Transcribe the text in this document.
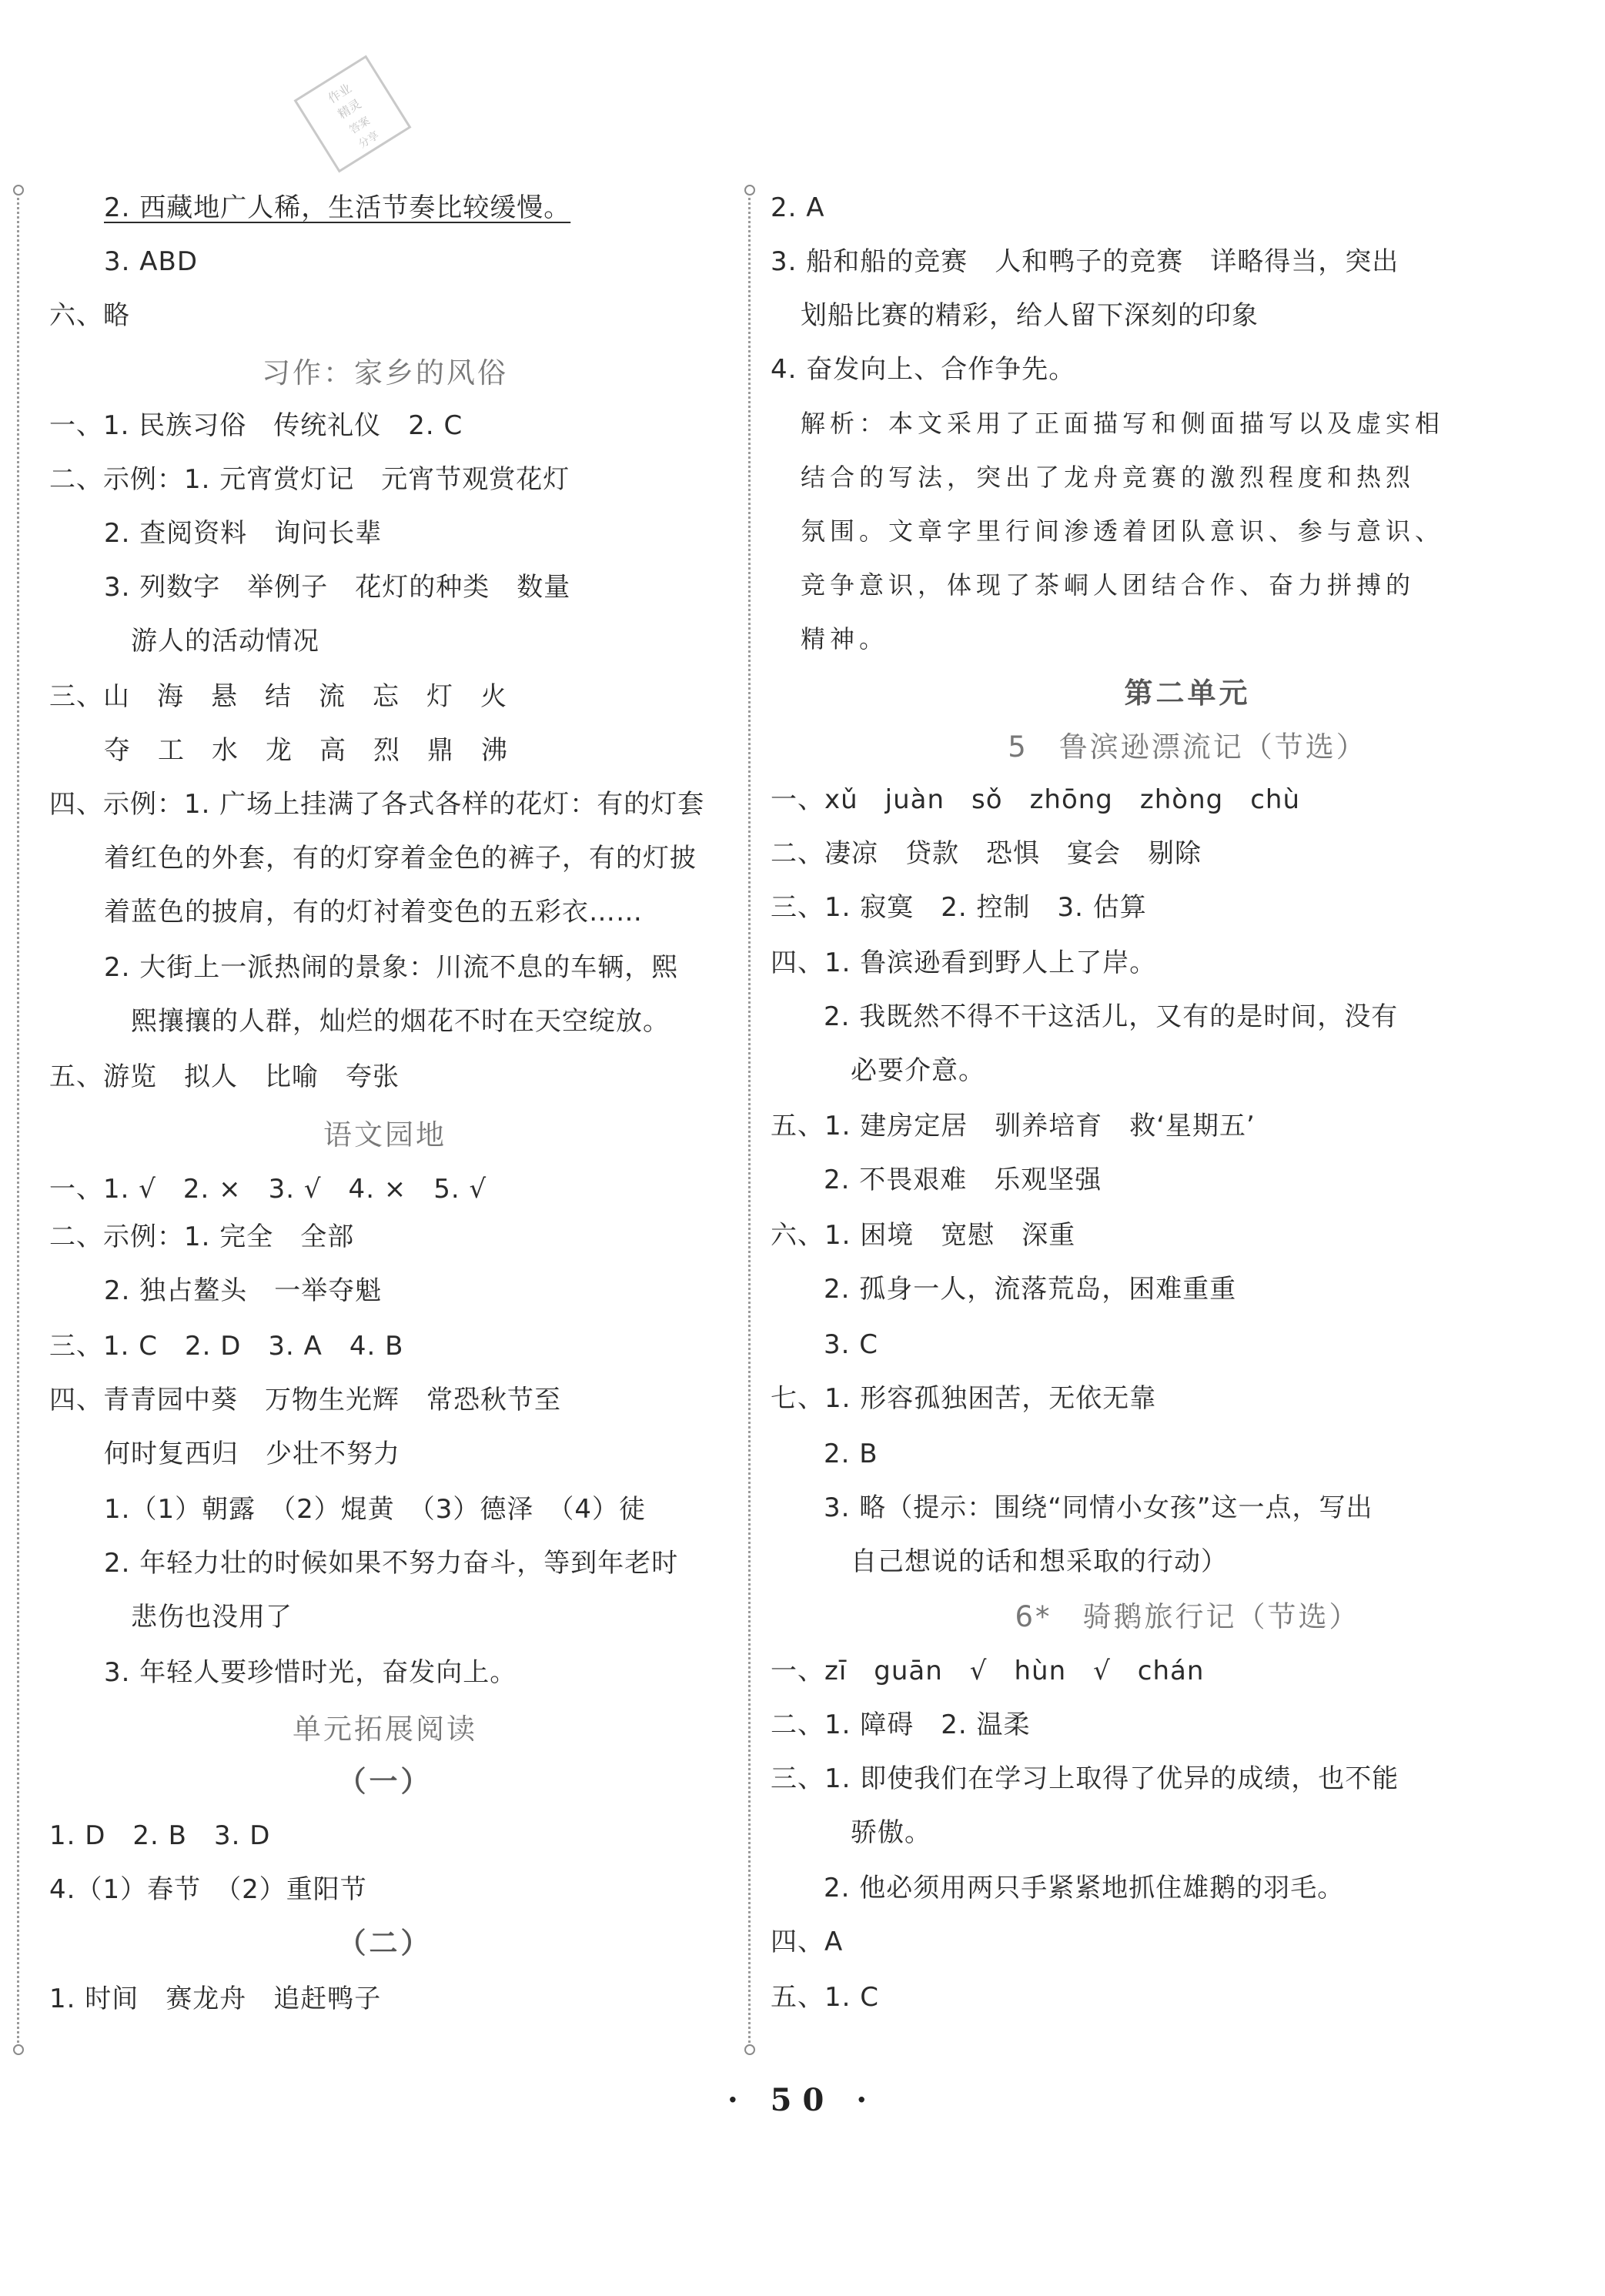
作业
精灵
答案
分享
2. 西藏地广人稀，生活节奏比较缓慢。
3. ABD
六、略
习作：家乡的风俗
一、1. 民族习俗　传统礼仪　2. C
二、示例：1. 元宵赏灯记　元宵节观赏花灯
2. 查阅资料　询问长辈
3. 列数字　举例子　花灯的种类　数量
游人的活动情况
三、山　海　悬　结　流　忘　灯　火
夺　工　水　龙　高　烈　鼎　沸
四、示例：1. 广场上挂满了各式各样的花灯：有的灯套
着红色的外套，有的灯穿着金色的裤子，有的灯披
着蓝色的披肩，有的灯衬着变色的五彩衣……
2. 大街上一派热闹的景象：川流不息的车辆，熙
熙攘攘的人群，灿烂的烟花不时在天空绽放。
五、游览　拟人　比喻　夸张
语文园地
一、1. √　2. ×　3. √　4. ×　5. √
二、示例：1. 完全　全部
2. 独占鳌头　一举夺魁
三、1. C　2. D　3. A　4. B
四、青青园中葵　万物生光辉　常恐秋节至
何时复西归　少壮不努力
1.（1）朝露　（2）焜黄　（3）德泽　（4）徒
2. 年轻力壮的时候如果不努力奋斗，等到年老时
悲伤也没用了
3. 年轻人要珍惜时光，奋发向上。
单元拓展阅读
（一）
1. D　2. B　3. D
4.（1）春节　（2）重阳节
（二）
1. 时间　赛龙舟　追赶鸭子
2. A
3. 船和船的竞赛　人和鸭子的竞赛　详略得当，突出
划船比赛的精彩，给人留下深刻的印象
4. 奋发向上、合作争先。
解析：本文采用了正面描写和侧面描写以及虚实相
结合的写法，突出了龙舟竞赛的激烈程度和热烈
氛围。文章字里行间渗透着团队意识、参与意识、
竞争意识，体现了茶峒人团结合作、奋力拼搏的
精神。
第二单元
5　鲁滨逊漂流记（节选）
一、xǔ　juàn　sǒ　zhōng　zhòng　chù
二、凄凉　贷款　恐惧　宴会　剔除
三、1. 寂寞　2. 控制　3. 估算
四、1. 鲁滨逊看到野人上了岸。
2. 我既然不得不干这活儿，又有的是时间，没有
必要介意。
五、1. 建房定居　驯养培育　救‘星期五’
2. 不畏艰难　乐观坚强
六、1. 困境　宽慰　深重
2. 孤身一人，流落荒岛，困难重重
3. C
七、1. 形容孤独困苦，无依无靠
2. B
3. 略（提示：围绕“同情小女孩”这一点，写出
自己想说的话和想采取的行动）
6*　骑鹅旅行记（节选）
一、zī　guān　√　hùn　√　chán
二、1. 障碍　2. 温柔
三、1. 即使我们在学习上取得了优异的成绩，也不能
骄傲。
2. 他必须用两只手紧紧地抓住雄鹅的羽毛。
四、A
五、1. C
· 50 ·
